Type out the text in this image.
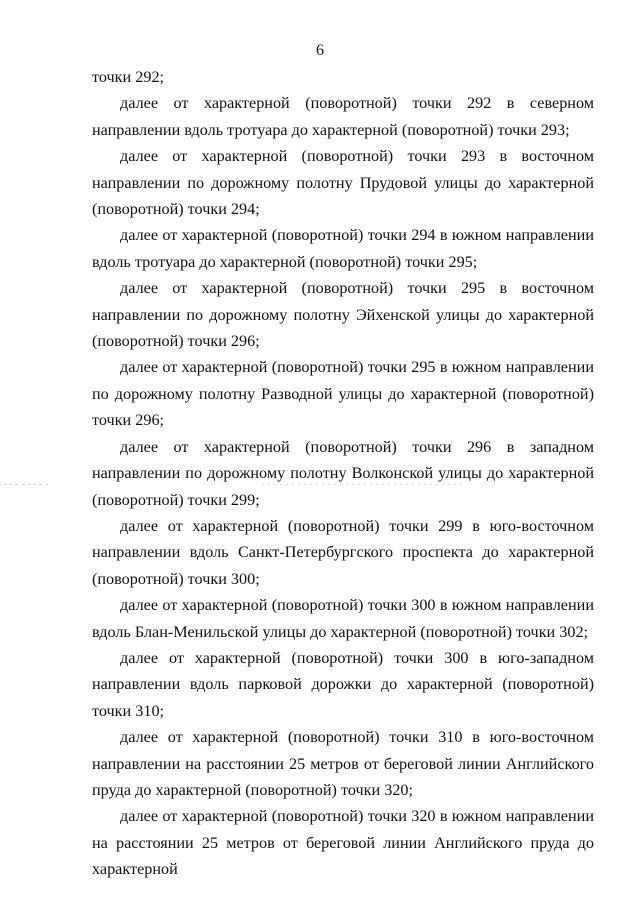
6

точки 292;

далее от характерной (поворотной) точки 292 в северном направлении вдоль тротуара до характерной (поворотной) точки 293;

далее от характерной (поворотной) точки 293 в восточном направлении по дорожному полотну Прудовой улицы до характерной (поворотной) точки 294;

далее от характерной (поворотной) точки 294 в южном направлении вдоль тротуара до характерной (поворотной) точки 295;

далее от характерной (поворотной) точки 295 в восточном направлении по дорожному полотну Эйхенской улицы до характерной (поворотной) точки 296;

далее от характерной (поворотной) точки 295 в южном направлении по дорожному полотну Разводной улицы до характерной (поворотной) точки 296;

далее от характерной (поворотной) точки 296 в западном направлении по дорожному полотну Волконской улицы до характерной (поворотной) точки 299;

далее от характерной (поворотной) точки 299 в юго-восточном направлении вдоль Санкт-Петербургского проспекта до характерной (поворотной) точки 300;

далее от характерной (поворотной) точки 300 в южном направлении вдоль Блан-Менильской улицы до характерной (поворотной) точки 302;

далее от характерной (поворотной) точки 300 в юго-западном направлении вдоль парковой дорожки до характерной (поворотной) точки 310;

далее от характерной (поворотной) точки 310 в юго-восточном направлении на расстоянии 25 метров от береговой линии Английского пруда до характерной (поворотной) точки 320;

далее от характерной (поворотной) точки 320 в южном направлении на расстоянии 25 метров от береговой линии Английского пруда до характерной
